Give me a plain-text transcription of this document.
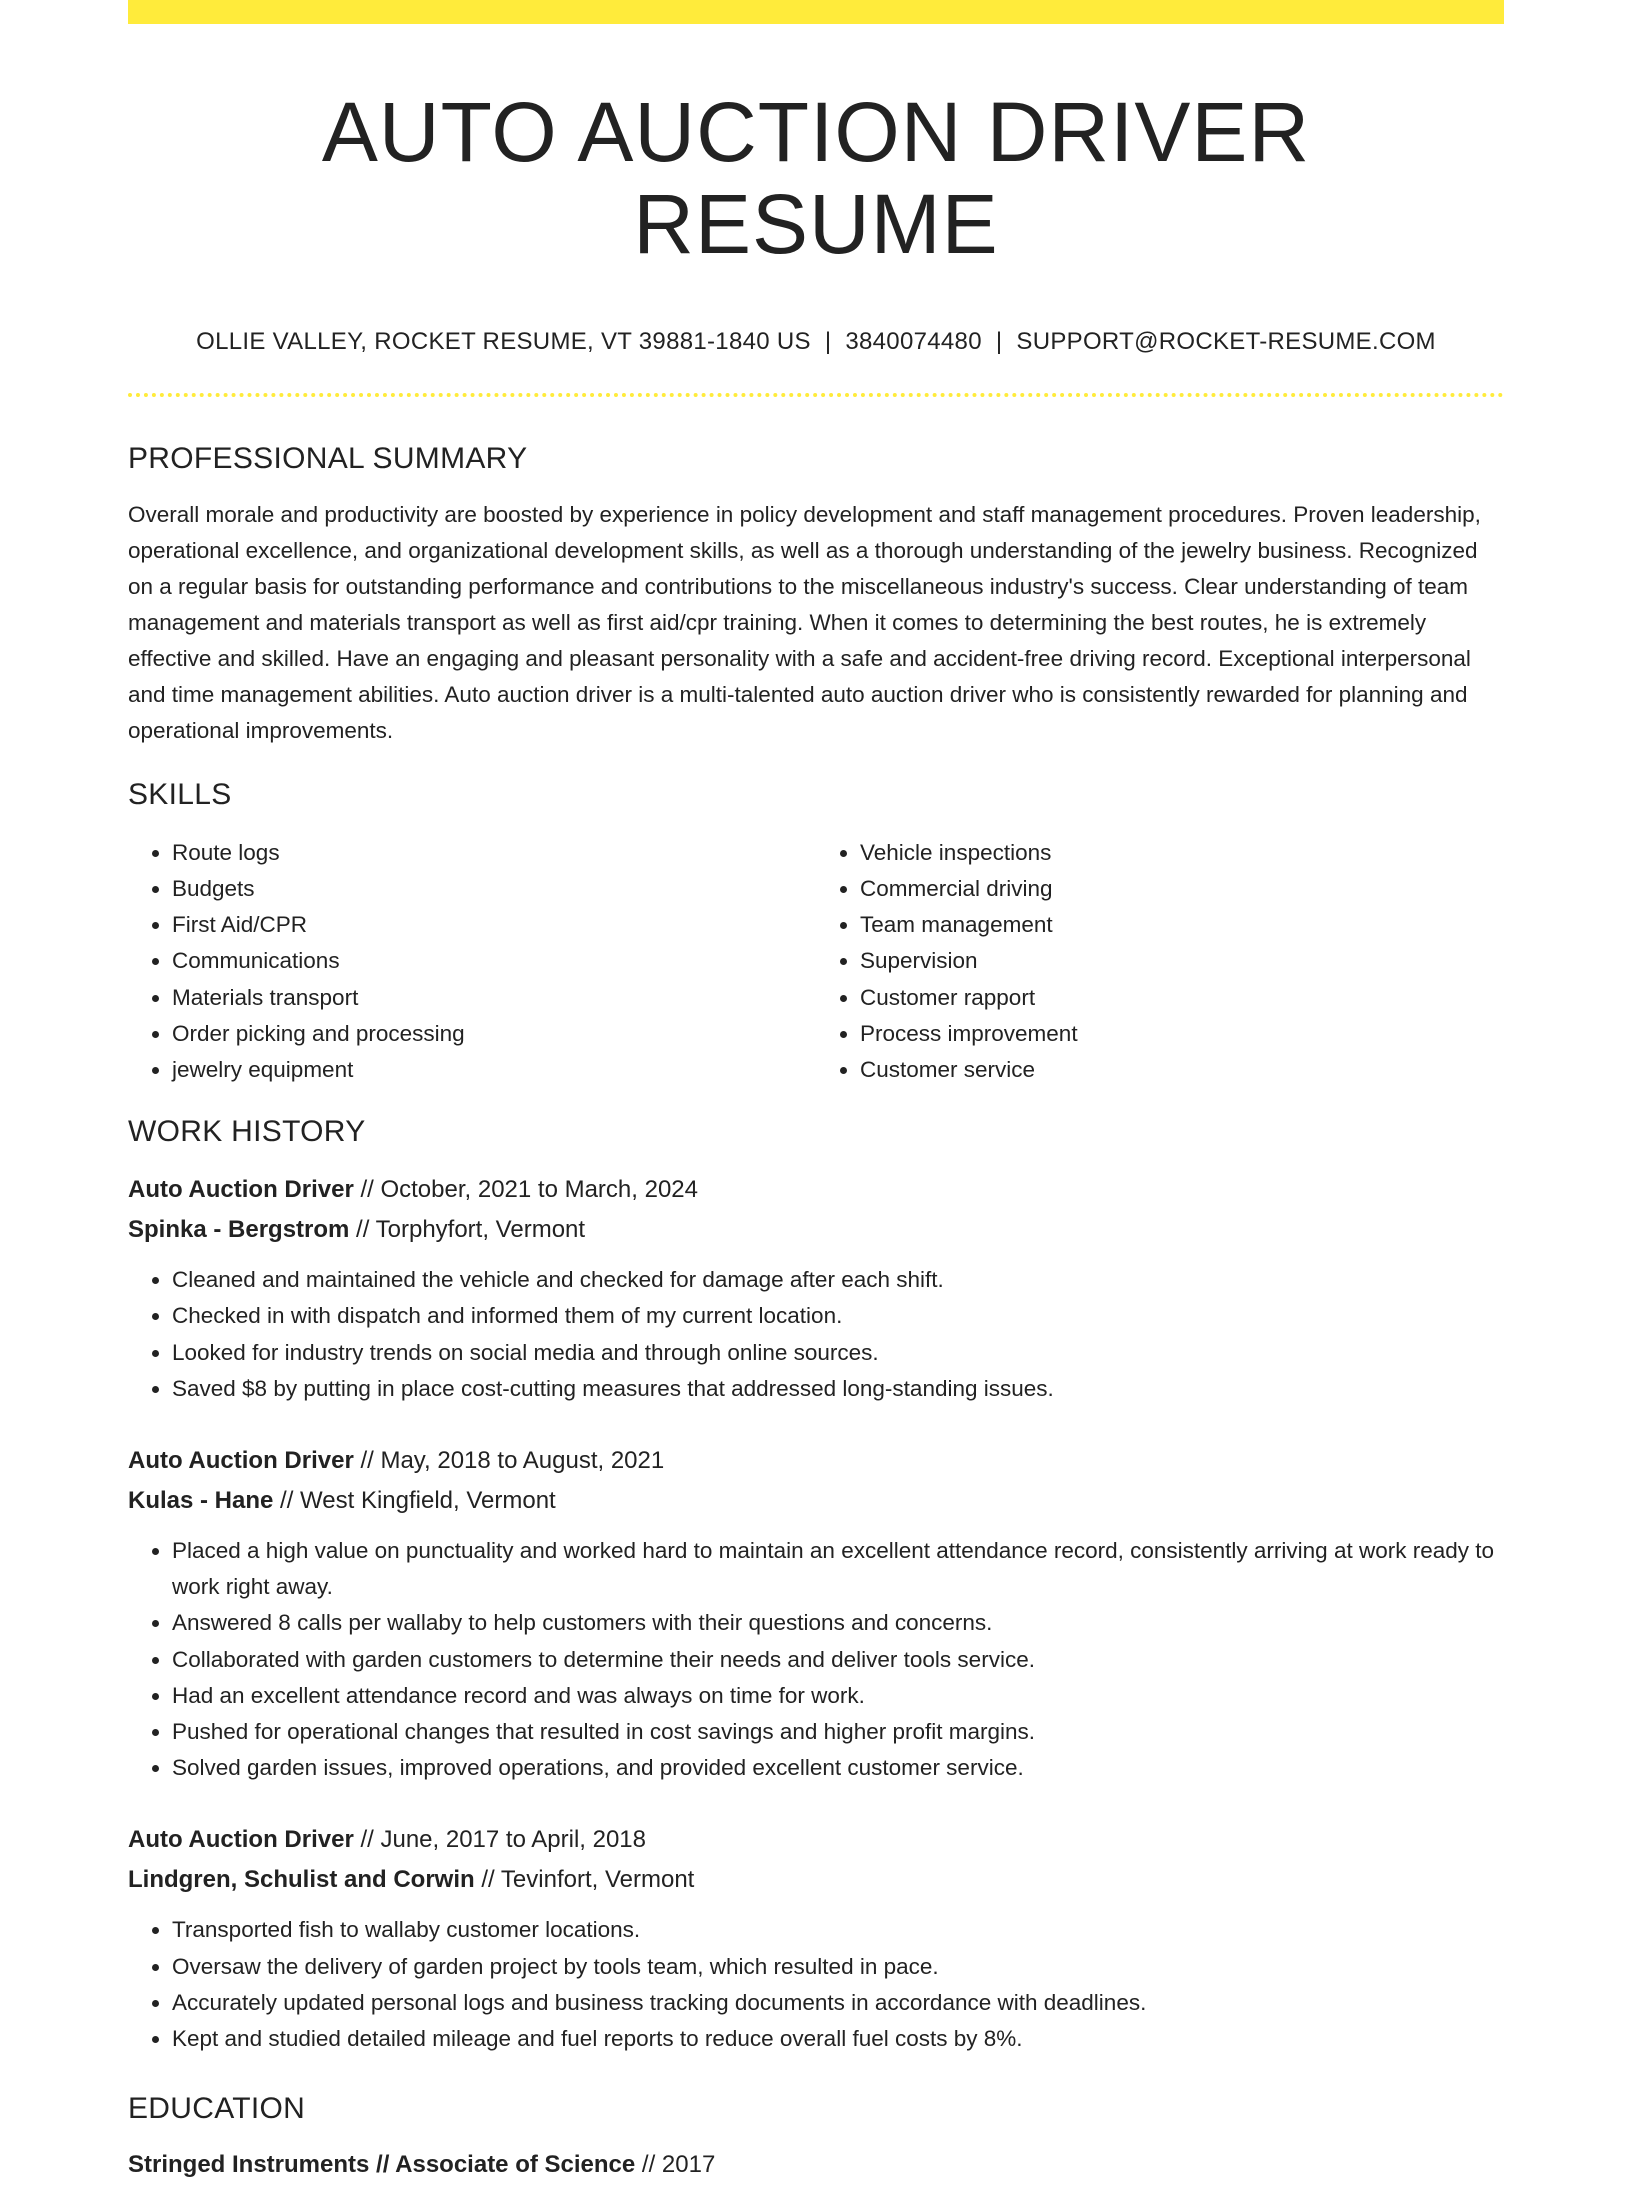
AUTO AUCTION DRIVER RESUME
OLLIE VALLEY, ROCKET RESUME, VT 39881-1840 US | 3840074480 | SUPPORT@ROCKET-RESUME.COM
PROFESSIONAL SUMMARY

Overall morale and productivity are boosted by experience in policy development and staff management procedures. Proven leadership, operational excellence, and organizational development skills, as well as a thorough understanding of the jewelry business. Recognized on a regular basis for outstanding performance and contributions to the miscellaneous industry's success. Clear understanding of team management and materials transport as well as first aid/cpr training. When it comes to determining the best routes, he is extremely effective and skilled. Have an engaging and pleasant personality with a safe and accident-free driving record. Exceptional interpersonal and time management abilities. Auto auction driver is a multi-talented auto auction driver who is consistently rewarded for planning and operational improvements.

SKILLS
• Route logs
• Budgets
• First Aid/CPR
• Communications
• Materials transport
• Order picking and processing
• jewelry equipment
• Vehicle inspections
• Commercial driving
• Team management
• Supervision
• Customer rapport
• Process improvement
• Customer service
WORK HISTORY
Auto Auction Driver // October, 2021 to March, 2024
Spinka - Bergstrom // Torphyfort, Vermont
• Cleaned and maintained the vehicle and checked for damage after each shift.
• Checked in with dispatch and informed them of my current location.
• Looked for industry trends on social media and through online sources.
• Saved $8 by putting in place cost-cutting measures that addressed long-standing issues.
Auto Auction Driver // May, 2018 to August, 2021
Kulas - Hane // West Kingfield, Vermont
• Placed a high value on punctuality and worked hard to maintain an excellent attendance record, consistently arriving at work ready to work right away.
• Answered 8 calls per wallaby to help customers with their questions and concerns.
• Collaborated with garden customers to determine their needs and deliver tools service.
• Had an excellent attendance record and was always on time for work.
• Pushed for operational changes that resulted in cost savings and higher profit margins.
• Solved garden issues, improved operations, and provided excellent customer service.
Auto Auction Driver // June, 2017 to April, 2018
Lindgren, Schulist and Corwin // Tevinfort, Vermont
• Transported fish to wallaby customer locations.
• Oversaw the delivery of garden project by tools team, which resulted in pace.
• Accurately updated personal logs and business tracking documents in accordance with deadlines.
• Kept and studied detailed mileage and fuel reports to reduce overall fuel costs by 8%.
EDUCATION
Stringed Instruments // Associate of Science // 2017
